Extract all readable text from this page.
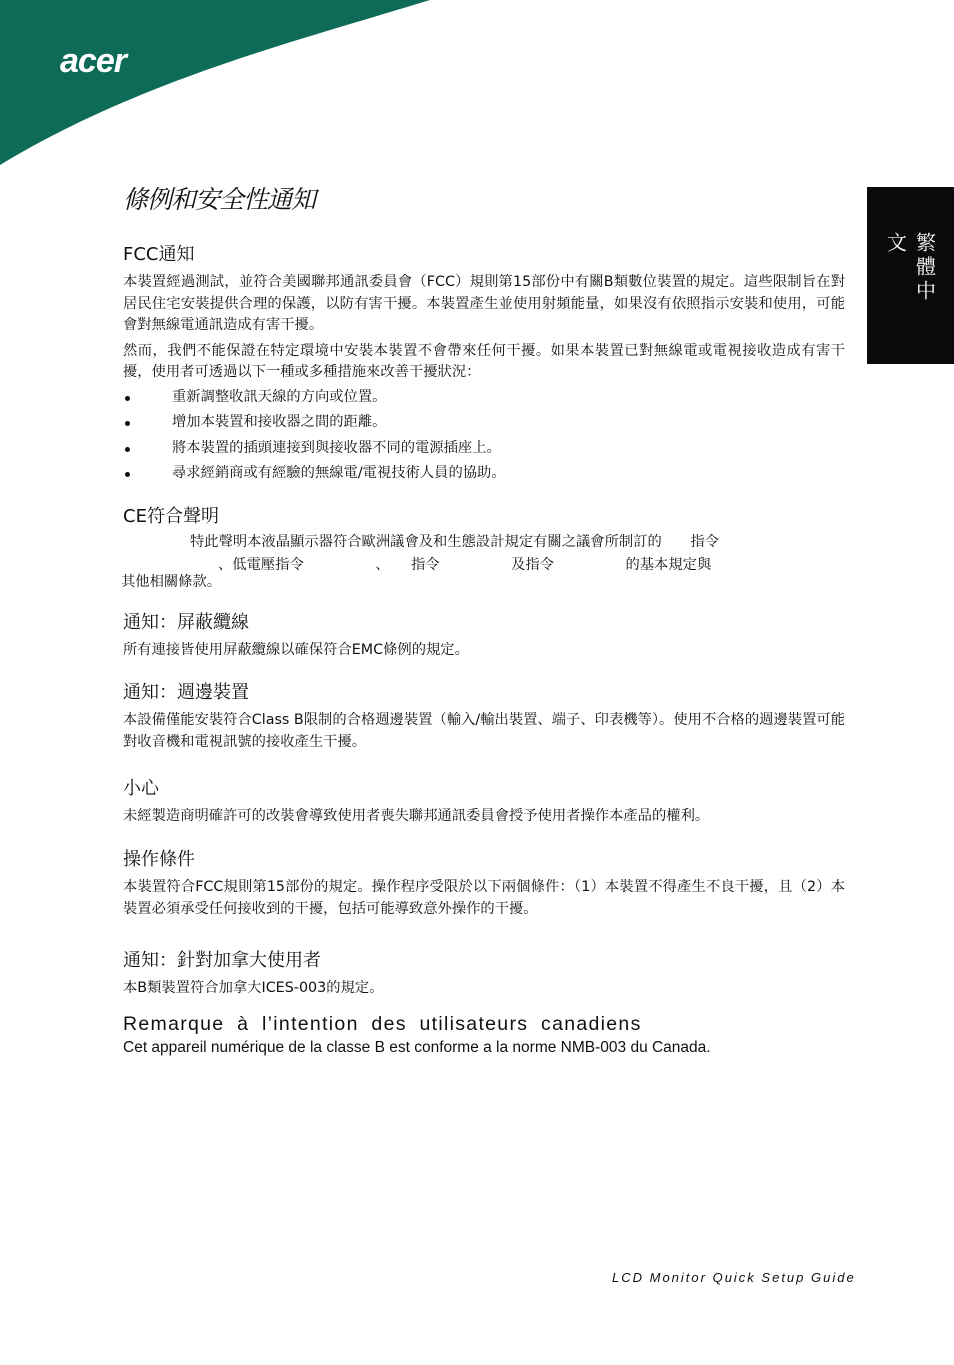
acer
繁體中文
條例和安全性通知
FCC通知

本裝置經過測試，並符合美國聯邦通訊委員會（FCC）規則第15部份中有關B類數位裝置的規定。這些限制旨在對居民住宅安裝提供合理的保護，以防有害干擾。本裝置產生並使用射頻能量，如果沒有依照指示安裝和使用，可能會對無線電通訊造成有害干擾。

然而，我們不能保證在特定環境中安裝本裝置不會帶來任何干擾。如果本裝置已對無線電或電視接收造成有害干擾，使用者可透過以下一種或多種措施來改善干擾狀況：

重新調整收訊天線的方向或位置。
增加本裝置和接收器之間的距離。
將本裝置的插頭連接到與接收器不同的電源插座上。
尋求經銷商或有經驗的無線電/電視技術人員的協助。
CE符合聲明

特此聲明本液晶顯示器符合歐洲議會及和生態設計規定有關之議會所制訂的　　指令

、低電壓指令　　　　　、　　指令　　　　　及指令　　　　　的基本規定與

其他相關條款。

通知：屏蔽纜線

所有連接皆使用屏蔽纜線以確保符合EMC條例的規定。

通知：週邊裝置

本設備僅能安裝符合Class B限制的合格週邊裝置（輸入/輸出裝置、端子、印表機等）。使用不合格的週邊裝置可能對收音機和電視訊號的接收產生干擾。

小心

未經製造商明確許可的改裝會導致使用者喪失聯邦通訊委員會授予使用者操作本產品的權利。

操作條件

本裝置符合FCC規則第15部份的規定。操作程序受限於以下兩個條件：（1）本裝置不得產生不良干擾，且（2）本裝置必須承受任何接收到的干擾，包括可能導致意外操作的干擾。

通知：針對加拿大使用者

本B類裝置符合加拿大ICES-003的規定。

Remarque à l’intention des utilisateurs canadiens

Cet appareil numérique de la classe B est conforme a la norme NMB-003 du Canada.

LCD Monitor Quick Setup Guide
